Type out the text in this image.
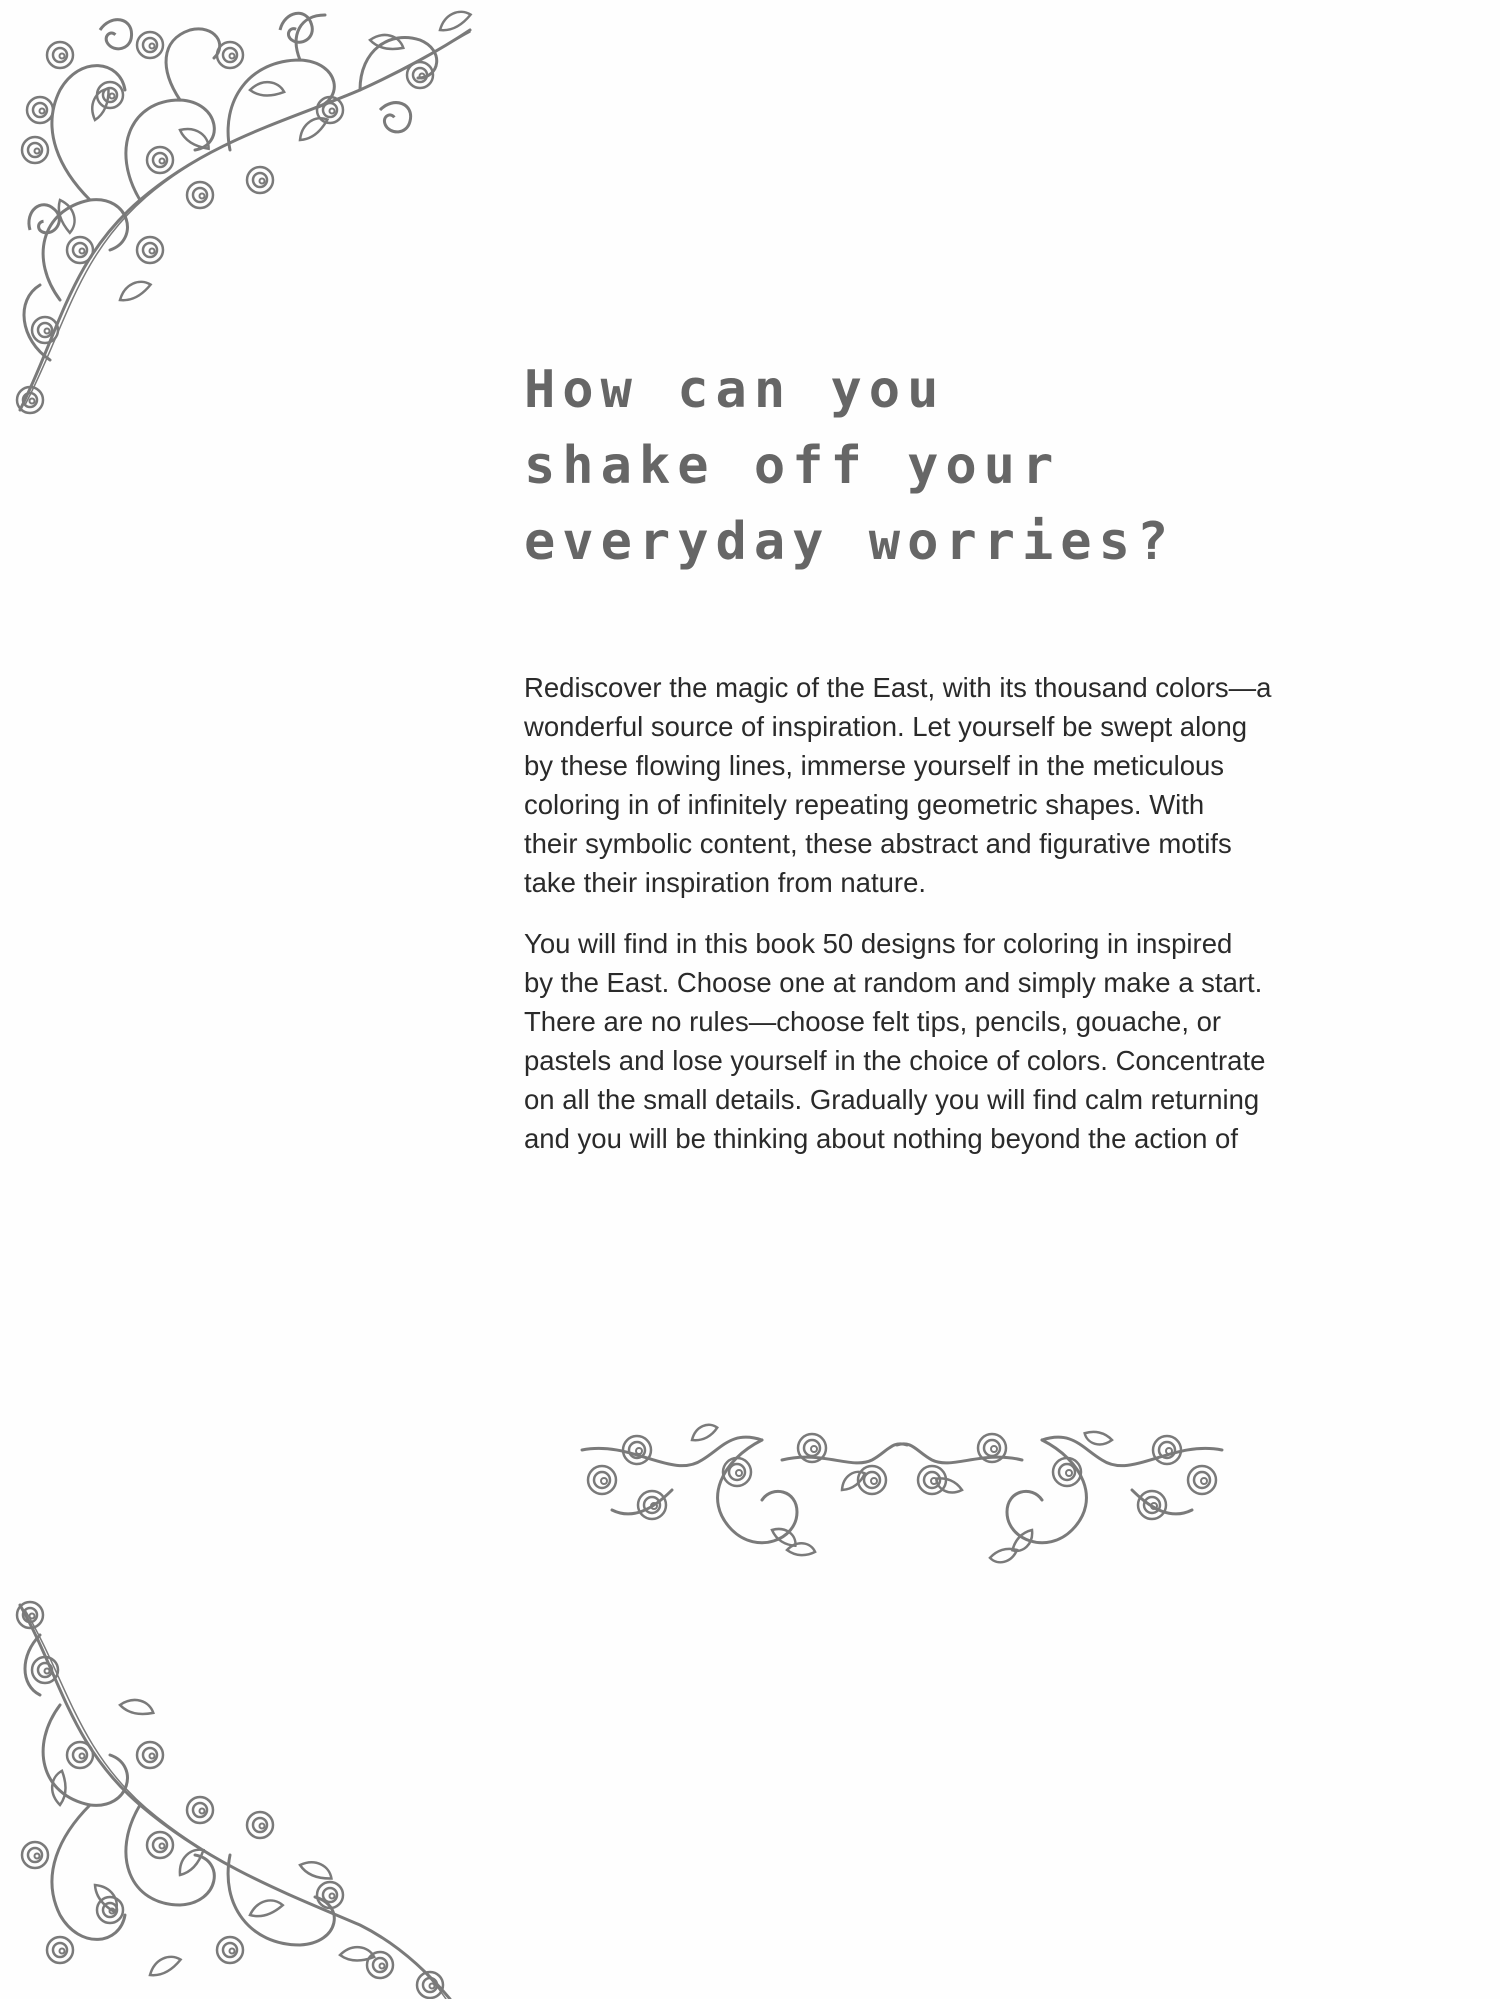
How can you
shake off your
everyday worries?

Rediscover the magic of the East, with its thousand colors—a
wonderful source of inspiration. Let yourself be swept along
by these flowing lines, immerse yourself in the meticulous
coloring in of infinitely repeating geometric shapes. With
their symbolic content, these abstract and figurative motifs
take their inspiration from nature.

You will find in this book 50 designs for coloring in inspired
by the East. Choose one at random and simply make a start.
There are no rules—choose felt tips, pencils, gouache, or
pastels and lose yourself in the choice of colors. Concentrate
on all the small details. Gradually you will find calm returning
and you will be thinking about nothing beyond the action of
